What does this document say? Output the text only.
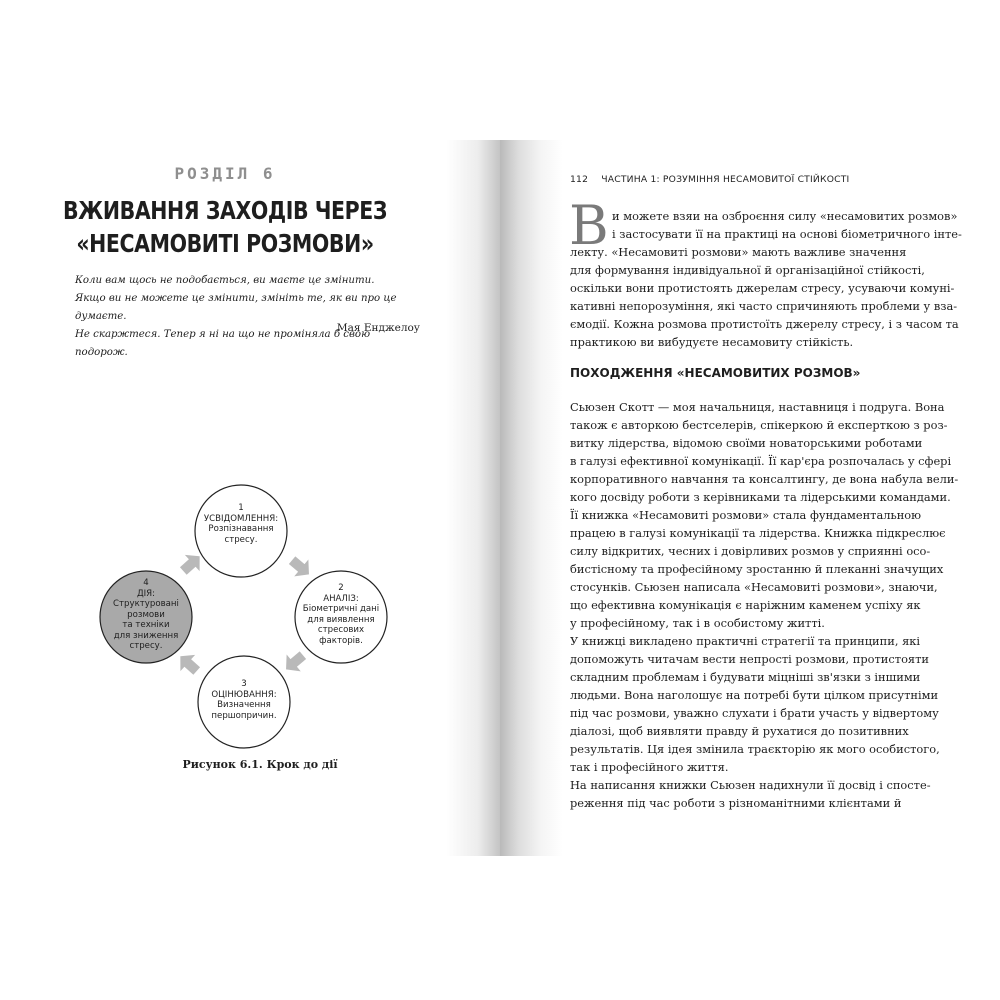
РОЗДІЛ 6
ВЖИВАННЯ ЗАХОДІВ ЧЕРЕЗ
«НЕСАМОВИТІ РОЗМОВИ»
Коли вам щось не подобається, ви маєте це змінити.
Якщо ви не можете це змінити, змініть те, як ви про це думаєте.
Не скаржтеся. Тепер я ні на що не проміняла б свою подорож.
Мая Енджелоу
1
УСВІДОМЛЕННЯ:
Розпізнавання
стресу.
2
АНАЛІЗ:
Біометричні дані
для виявлення
стресових
факторів.
3
ОЦІНЮВАННЯ:
Визначення
першопричин.
4
ДІЯ:
Структуровані
розмови
та техніки
для зниження
стресу.
Рисунок 6.1. Крок до дії
112 ЧАСТИНА 1: РОЗУМІННЯ НЕСАМОВИТОЇ СТІЙКОСТІ
В и можете взяи на озброєння силу «несамовитих розмов»
і застосувати її на практиці на основі біометричного інте-
лекту. «Несамовиті розмови» мають важливе значення
для формування індивідуальної й організаційної стійкості,
оскільки вони протистоять джерелам стресу, усуваючи комуні-
кативні непорозуміння, які часто спричиняють проблеми у вза-
ємодії. Кожна розмова протистоїть джерелу стресу, і з часом та
практикою ви вибудуєте несамовиту стійкість.
ПОХОДЖЕННЯ «НЕСАМОВИТИХ РОЗМОВ»
Сьюзен Скотт — моя начальниця, наставниця і подруга. Вона
також є авторкою бестселерів, спікеркою й експерткою з роз-
витку лідерства, відомою своїми новаторськими роботами
в галузі ефективної комунікації. Її кар'єра розпочалась у сфері
корпоративного навчання та консалтингу, де вона набула вели-
кого досвіду роботи з керівниками та лідерськими командами.
Її книжка «Несамовиті розмови» стала фундаментальною
працею в галузі комунікації та лідерства. Книжка підкреслює
силу відкритих, чесних і довірливих розмов у сприянні осо-
бистісному та професійному зростанню й плеканні значущих
стосунків. Сьюзен написала «Несамовиті розмови», знаючи,
що ефективна комунікація є наріжним каменем успіху як
у професійному, так і в особистому житті.
У книжці викладено практичні стратегії та принципи, які
допоможуть читачам вести непрості розмови, протистояти
складним проблемам і будувати міцніші зв'язки з іншими
людьми. Вона наголошує на потребі бути цілком присутніми
під час розмови, уважно слухати і брати участь у відвертому
діалозі, щоб виявляти правду й рухатися до позитивних
результатів. Ця ідея змінила траєкторію як мого особистого,
так і професійного життя.
На написання книжки Сьюзен надихнули її досвід і спосте-
реження під час роботи з різноманітними клієнтами й
